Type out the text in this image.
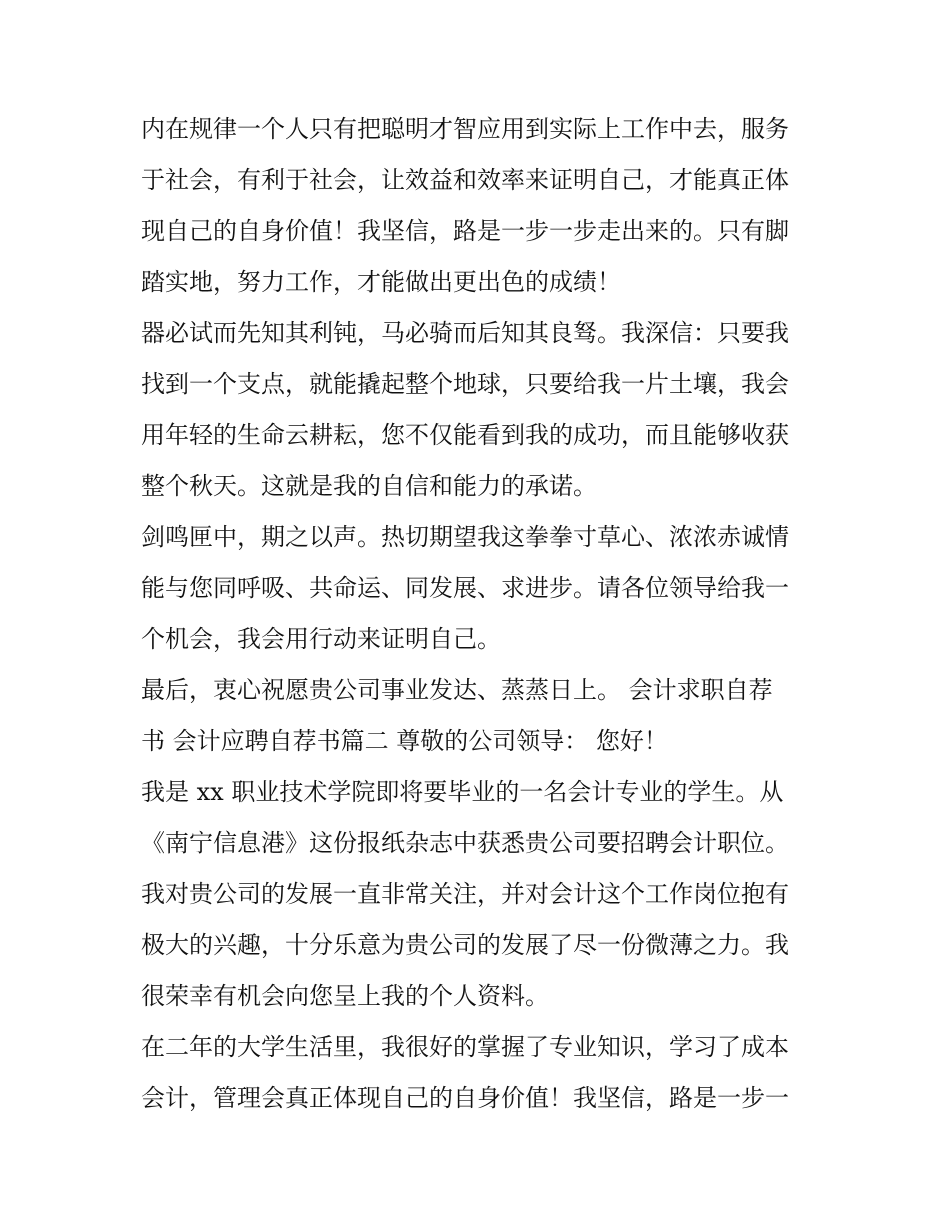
内在规律一个人只有把聪明才智应用到实际上工作中去，服务
于社会，有利于社会，让效益和效率来证明自己，才能真正体
现自己的自身价值！我坚信，路是一步一步走出来的。只有脚
踏实地，努力工作，才能做出更出色的成绩！
器必试而先知其利钝，马必骑而后知其良驽。我深信：只要我
找到一个支点，就能撬起整个地球，只要给我一片土壤，我会
用年轻的生命云耕耘，您不仅能看到我的成功，而且能够收获
整个秋天。这就是我的自信和能力的承诺。
剑鸣匣中，期之以声。热切期望我这拳拳寸草心、浓浓赤诚情
能与您同呼吸、共命运、同发展、求进步。请各位领导给我一
个机会，我会用行动来证明自己。
最后，衷心祝愿贵公司事业发达、蒸蒸日上。 会计求职自荐
书 会计应聘自荐书篇二 尊敬的公司领导： 您好！
我是 xx 职业技术学院即将要毕业的一名会计专业的学生。从
《南宁信息港》这份报纸杂志中获悉贵公司要招聘会计职位。
我对贵公司的发展一直非常关注，并对会计这个工作岗位抱有
极大的兴趣，十分乐意为贵公司的发展了尽一份微薄之力。我
很荣幸有机会向您呈上我的个人资料。
在二年的大学生活里，我很好的掌握了专业知识，学习了成本
会计，管理会真正体现自己的自身价值！我坚信，路是一步一
